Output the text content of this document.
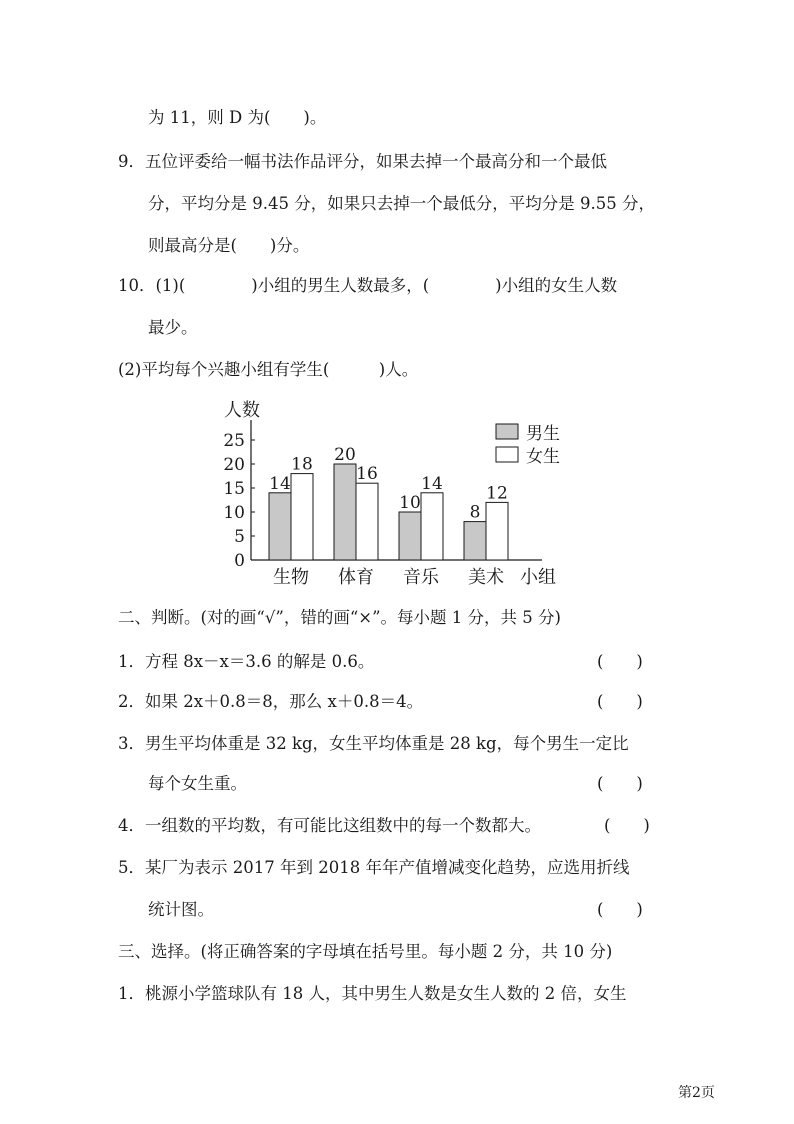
为 11，则 D 为(　　)。
9．五位评委给一幅书法作品评分，如果去掉一个最高分和一个最低
分，平均分是 9.45 分，如果只去掉一个最低分，平均分是 9.55 分，
则最高分是(　　)分。
10．(1)(　　　　)小组的男生人数最多，(　　　　)小组的女生人数
最少。
(2)平均每个兴趣小组有学生(　　　)人。
人数
小组
0
5
10
15
20
25
14
18 20
16
10
14
8
12
生物 体育 音乐 美术
男生
女生
二、判断。(对的画“√”，错的画“×”。每小题 1 分，共 5 分)
1．方程 8x－x＝3.6 的解是 0.6。	(　　)
2．如果 2x＋0.8＝8，那么 x＋0.8＝4。	(　　)
3．男生平均体重是 32 kg，女生平均体重是 28 kg，每个男生一定比
每个女生重。	(　　)
4．一组数的平均数，有可能比这组数中的每一个数都大。	(　　)
5．某厂为表示 2017 年到 2018 年年产值增减变化趋势，应选用折线
统计图。	(　　)
三、选择。(将正确答案的字母填在括号里。每小题 2 分，共 10 分)
1．桃源小学篮球队有 18 人，其中男生人数是女生人数的 2 倍，女生
第2页
